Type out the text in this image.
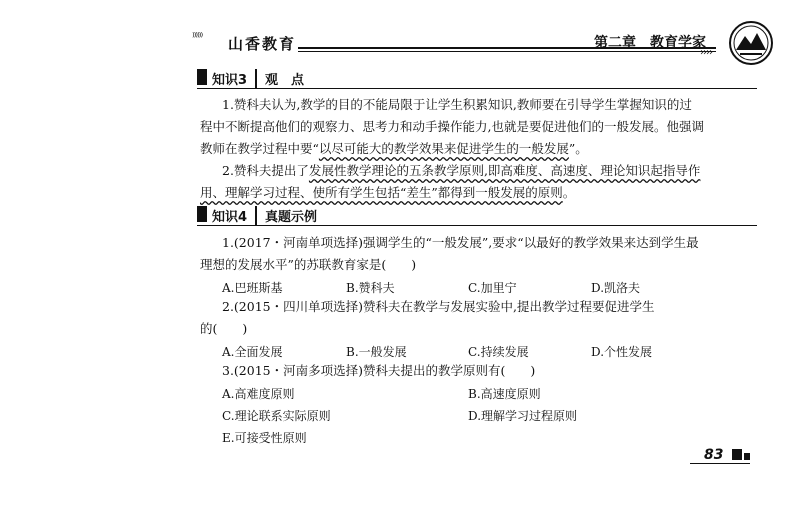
⁾⁾⁾⁾⁾⁾ 山香教育	第二章　教育学家
››››
知识3 观　点
1.赞科夫认为,教学的目的不能局限于让学生积累知识,教师要在引导学生掌握知识的过
程中不断提高他们的观察力、思考力和动手操作能力,也就是要促进他们的一般发展。他强调
教师在教学过程中要“以尽可能大的教学效果来促进学生的一般发展”。
2.赞科夫提出了发展性教学理论的五条教学原则,即高难度、高速度、理论知识起指导作
用、理解学习过程、使所有学生包括“差生”都得到一般发展的原则。
知识4 真题示例
1.(2017・河南单项选择)强调学生的“一般发展”,要求“以最好的教学效果来达到学生最
理想的发展水平”的苏联教育家是(　　)
A.巴班斯基	B.赞科夫	C.加里宁	D.凯洛夫
2.(2015・四川单项选择)赞科夫在教学与发展实验中,提出教学过程要促进学生
的(　　)
A.全面发展	B.一般发展	C.持续发展	D.个性发展
3.(2015・河南多项选择)赞科夫提出的教学原则有(　　)
A.高难度原则	B.高速度原则
C.理论联系实际原则	D.理解学习过程原则
E.可接受性原则
83
